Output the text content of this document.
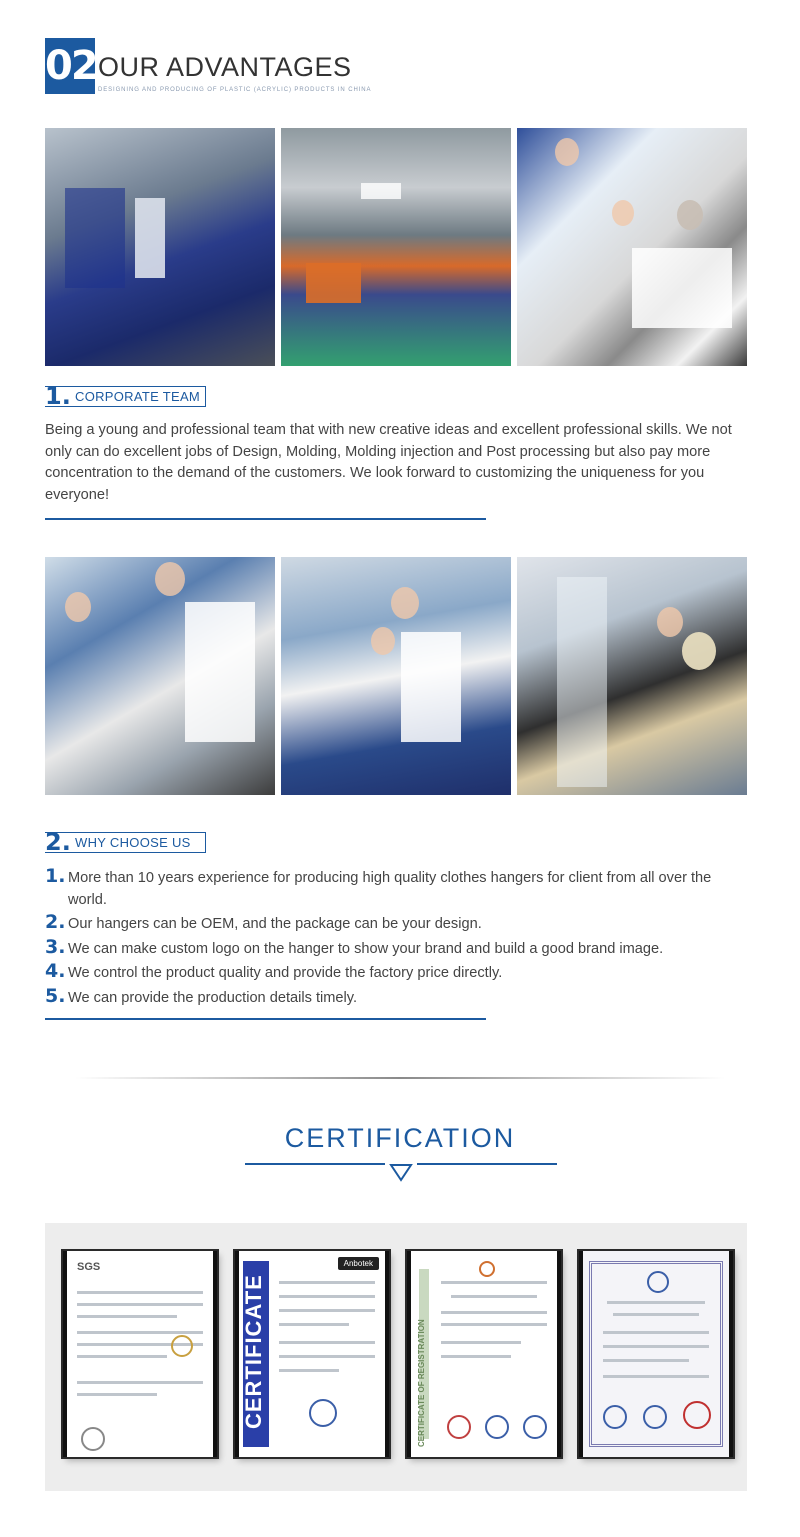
02 OUR ADVANTAGES
DESIGNING AND PRODUCING OF PLASTIC (ACRYLIC) PRODUCTS IN CHINA
1. CORPORATE TEAM
Being a young and professional team that with new creative ideas and excellent professional skills. We not only can do excellent jobs of Design, Molding, Molding injection and Post processing but also pay more concentration to the demand of the customers. We look forward to customizing the uniqueness for you everyone!
2. WHY CHOOSE US
1. More than 10 years experience for producing high quality clothes hangers for client from all over the world.
2. Our hangers can be OEM, and the package can be your design.
3. We can make custom logo on the hanger to show your brand and build a good brand image.
4. We control the product quality and provide the factory price directly.
5. We can provide the production details timely.
CERTIFICATION
SGS
CERTIFICATE
Anbotek
CERTIFICATE OF REGISTRATION
